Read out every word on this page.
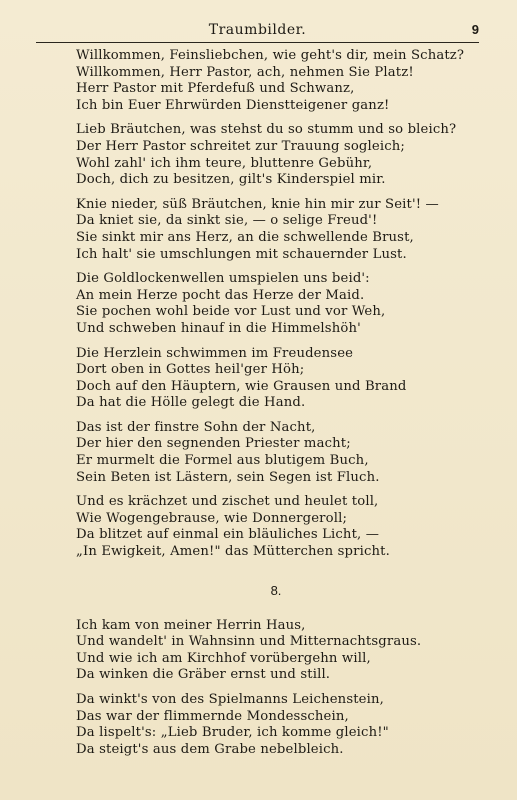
Traumbilder.	9
Willkommen, Feinsliebchen, wie geht's dir, mein Schatz?
Willkommen, Herr Pastor, ach, nehmen Sie Platz!
Herr Pastor mit Pferdefuß und Schwanz,
Ich bin Euer Ehrwürden Dienstteigener ganz!
Lieb Bräutchen, was stehst du so stumm und so bleich?
Der Herr Pastor schreitet zur Trauung sogleich;
Wohl zahl' ich ihm teure, bluttenre Gebühr,
Doch, dich zu besitzen, gilt's Kinderspiel mir.
Knie nieder, süß Bräutchen, knie hin mir zur Seit'! —
Da kniet sie, da sinkt sie, — o selige Freud'!
Sie sinkt mir ans Herz, an die schwellende Brust,
Ich halt' sie umschlungen mit schauernder Lust.
Die Goldlockenwellen umspielen uns beid':
An mein Herze pocht das Herze der Maid.
Sie pochen wohl beide vor Lust und vor Weh,
Und schweben hinauf in die Himmelshöh'
Die Herzlein schwimmen im Freudensee
Dort oben in Gottes heil'ger Höh;
Doch auf den Häuptern, wie Grausen und Brand
Da hat die Hölle gelegt die Hand.
Das ist der finstre Sohn der Nacht,
Der hier den segnenden Priester macht;
Er murmelt die Formel aus blutigem Buch,
Sein Beten ist Lästern, sein Segen ist Fluch.
Und es krächzet und zischet und heulet toll,
Wie Wogengebrause, wie Donnergeroll;
Da blitzet auf einmal ein bläuliches Licht, —
„In Ewigkeit, Amen!" das Mütterchen spricht.
8.
Ich kam von meiner Herrin Haus,
Und wandelt' in Wahnsinn und Mitternachtsgraus.
Und wie ich am Kirchhof vorübergehn will,
Da winken die Gräber ernst und still.
Da winkt's von des Spielmanns Leichenstein,
Das war der flimmernde Mondesschein,
Da lispelt's: „Lieb Bruder, ich komme gleich!"
Da steigt's aus dem Grabe nebelbleich.
